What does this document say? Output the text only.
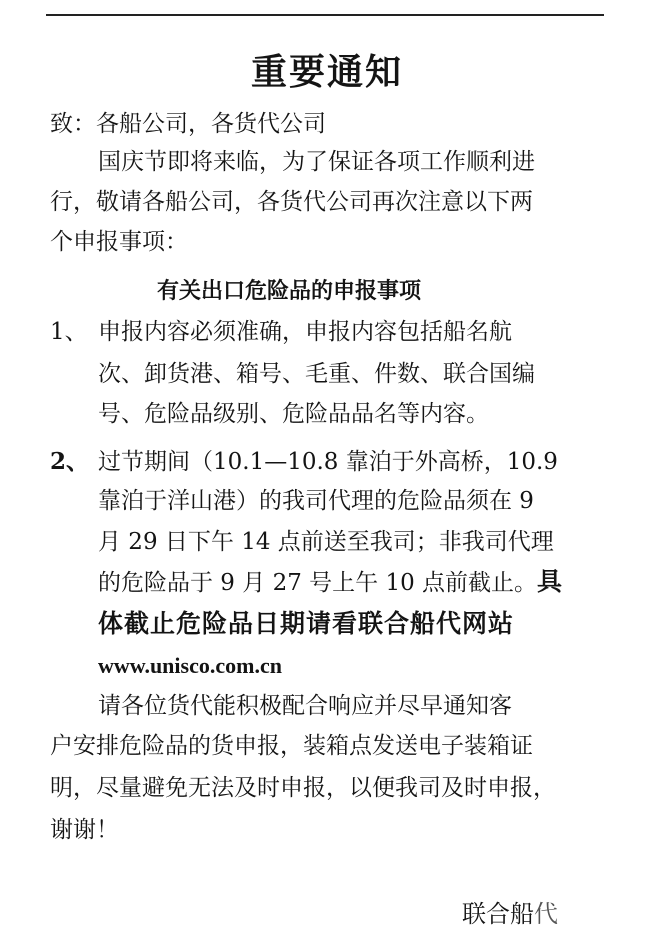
重要通知
致：各船公司，各货代公司
国庆节即将来临，为了保证各项工作顺利进
行，敬请各船公司，各货代公司再次注意以下两
个申报事项：
有关出口危险品的申报事项
1、 申报内容必须准确，申报内容包括船名航
次、卸货港、箱号、毛重、件数、联合国编
号、危险品级别、危险品品名等内容。
2、 过节期间（10.1—10.8 靠泊于外高桥，10.9
靠泊于洋山港）的我司代理的危险品须在 9
月 29 日下午 14 点前送至我司；非我司代理
的危险品于 9 月 27 号上午 10 点前截止。具
体截止危险品日期请看联合船代网站
www.unisco.com.cn
请各位货代能积极配合响应并尽早通知客
户安排危险品的货申报，装箱点发送电子装箱证
明，尽量避免无法及时申报，以便我司及时申报，
谢谢！
联合船代
